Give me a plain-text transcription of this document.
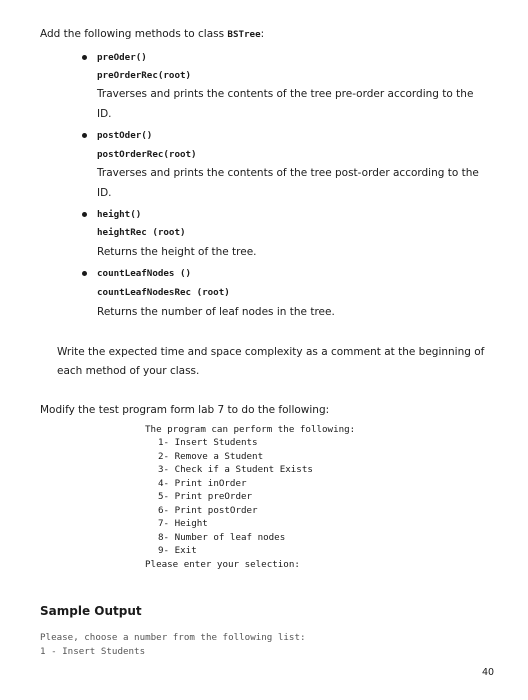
Add the following methods to class BSTree:
preOder()
preOrderRec(root)
Traverses and prints the contents of the tree pre-order according to the
ID.
postOder()
postOrderRec(root)
Traverses and prints the contents of the tree post-order according to the
ID.
height()
heightRec (root)
Returns the height of the tree.
countLeafNodes ()
countLeafNodesRec (root)
Returns the number of leaf nodes in the tree.
Write the expected time and space complexity as a comment at the beginning of
each method of your class.
Modify the test program form lab 7 to do the following:
The program can perform the following:
1- Insert Students
2- Remove a Student
3- Check if a Student Exists
4- Print inOrder
5- Print preOrder
6- Print postOrder
7- Height
8- Number of leaf nodes
9- Exit
Please enter your selection:
Sample Output
Please, choose a number from the following list:
1 - Insert Students
40
